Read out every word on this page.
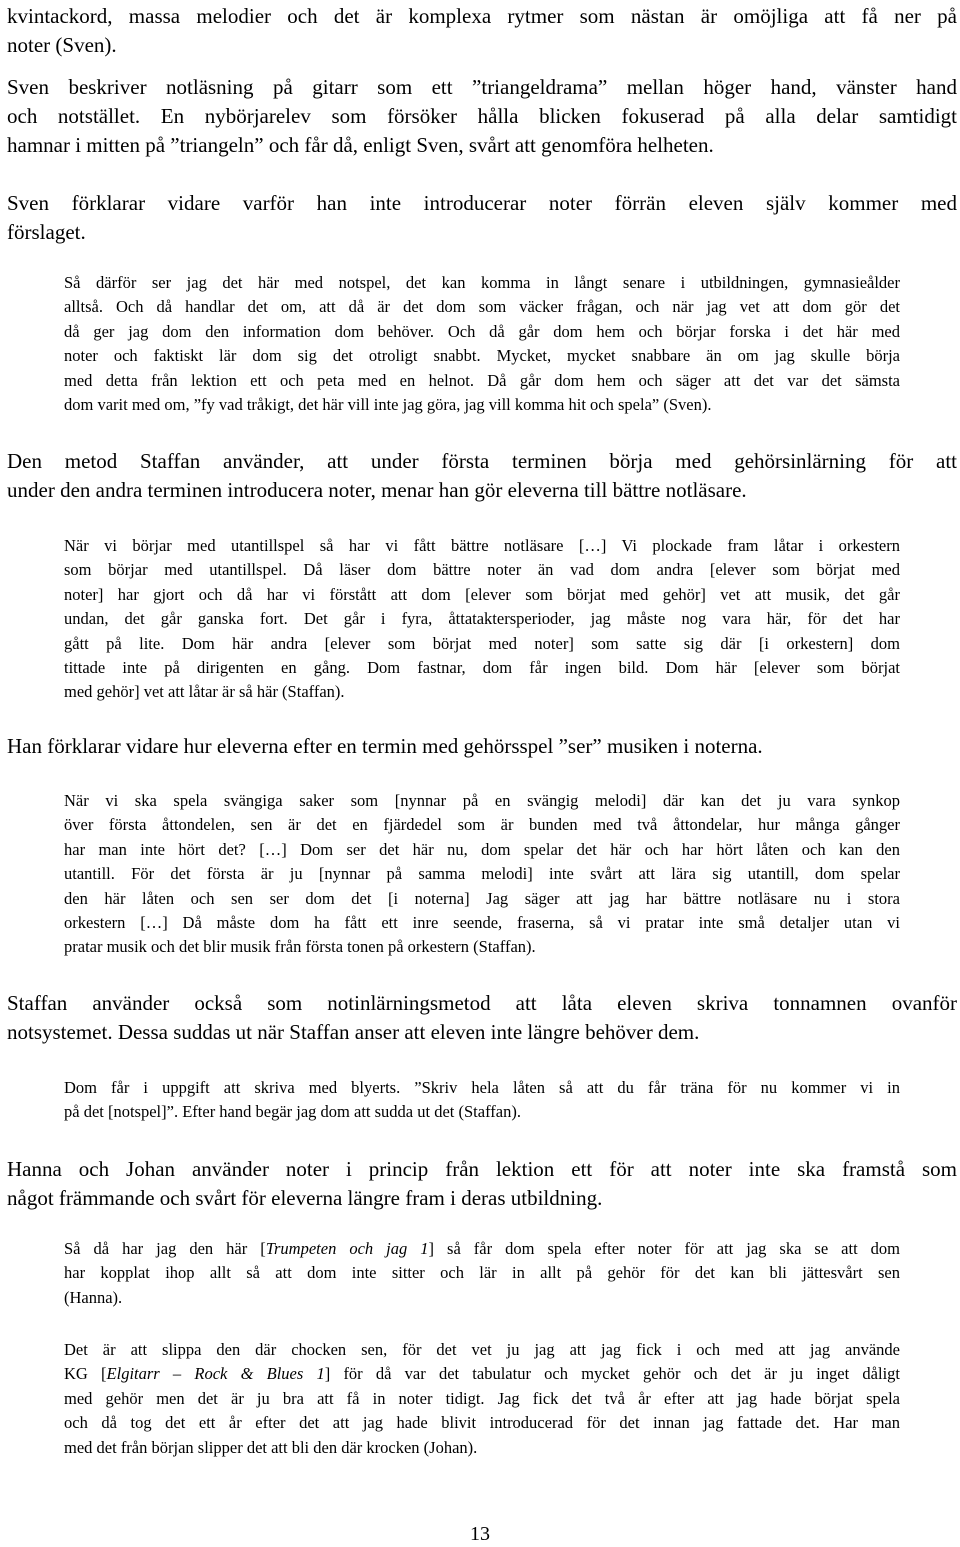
kvintackord, massa melodier och det är komplexa rytmer som nästan är omöjliga att få ner på
noter (Sven).
Sven beskriver notläsning på gitarr som ett ”triangeldrama” mellan höger hand, vänster hand
och notstället. En nybörjarelev som försöker hålla blicken fokuserad på alla delar samtidigt
hamnar i mitten på ”triangeln” och får då, enligt Sven, svårt att genomföra helheten.
Sven förklarar vidare varför han inte introducerar noter förrän eleven själv kommer med
förslaget.
Så därför ser jag det här med notspel, det kan komma in långt senare i utbildningen, gymnasieålder
alltså. Och då handlar det om, att då är det dom som väcker frågan, och när jag vet att dom gör det
då ger jag dom den information dom behöver. Och då går dom hem och börjar forska i det här med
noter och faktiskt lär dom sig det otroligt snabbt. Mycket, mycket snabbare än om jag skulle börja
med detta från lektion ett och peta med en helnot. Då går dom hem och säger att det var det sämsta
dom varit med om, ”fy vad tråkigt, det här vill inte jag göra, jag vill komma hit och spela” (Sven).
Den metod Staffan använder, att under första terminen börja med gehörsinlärning för att
under den andra terminen introducera noter, menar han gör eleverna till bättre notläsare.
När vi börjar med utantillspel så har vi fått bättre notläsare […] Vi plockade fram låtar i orkestern
som börjar med utantillspel. Då läser dom bättre noter än vad dom andra [elever som börjat med
noter] har gjort och då har vi förstått att dom [elever som börjat med gehör] vet att musik, det går
undan, det går ganska fort. Det går i fyra, åttataktersperioder, jag måste nog vara här, för det har
gått på lite. Dom här andra [elever som börjat med noter] som satte sig där [i orkestern] dom
tittade inte på dirigenten en gång. Dom fastnar, dom får ingen bild. Dom här [elever som börjat
med gehör] vet att låtar är så här (Staffan).
Han förklarar vidare hur eleverna efter en termin med gehörsspel ”ser” musiken i noterna.
När vi ska spela svängiga saker som [nynnar på en svängig melodi] där kan det ju vara synkop
över första åttondelen, sen är det en fjärdedel som är bunden med två åttondelar, hur många gånger
har man inte hört det? […] Dom ser det här nu, dom spelar det här och har hört låten och kan den
utantill. För det första är ju [nynnar på samma melodi] inte svårt att lära sig utantill, dom spelar
den här låten och sen ser dom det [i noterna] Jag säger att jag har bättre notläsare nu i stora
orkestern […] Då måste dom ha fått ett inre seende, fraserna, så vi pratar inte små detaljer utan vi
pratar musik och det blir musik från första tonen på orkestern (Staffan).
Staffan använder också som notinlärningsmetod att låta eleven skriva tonnamnen ovanför
notsystemet. Dessa suddas ut när Staffan anser att eleven inte längre behöver dem.
Dom får i uppgift att skriva med blyerts. ”Skriv hela låten så att du får träna för nu kommer vi in
på det [notspel]”. Efter hand begär jag dom att sudda ut det (Staffan).
Hanna och Johan använder noter i princip från lektion ett för att noter inte ska framstå som
något främmande och svårt för eleverna längre fram i deras utbildning.
Så då har jag den här [Trumpeten och jag 1] så får dom spela efter noter för att jag ska se att dom
har kopplat ihop allt så att dom inte sitter och lär in allt på gehör för det kan bli jättesvårt sen
(Hanna).
Det är att slippa den där chocken sen, för det vet ju jag att jag fick i och med att jag använde
KG [Elgitarr – Rock & Blues 1] för då var det tabulatur och mycket gehör och det är ju inget dåligt
med gehör men det är ju bra att få in noter tidigt. Jag fick det två år efter att jag hade börjat spela
och då tog det ett år efter det att jag hade blivit introducerad för det innan jag fattade det. Har man
med det från början slipper det att bli den där krocken (Johan).
13
